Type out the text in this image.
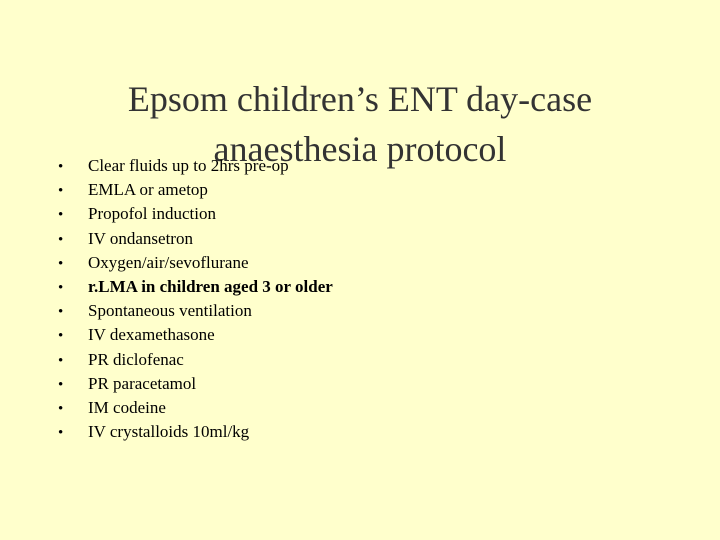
Epsom children’s ENT day-case
anaesthesia protocol
•	Clear fluids up to 2hrs pre-op
•	EMLA or ametop
•	Propofol induction
•	IV ondansetron
•	Oxygen/air/sevoflurane
•	r.LMA in children aged 3 or older
•	Spontaneous ventilation
•	IV dexamethasone
•	PR diclofenac
•	PR paracetamol
•	IM codeine
•	IV crystalloids 10ml/kg
